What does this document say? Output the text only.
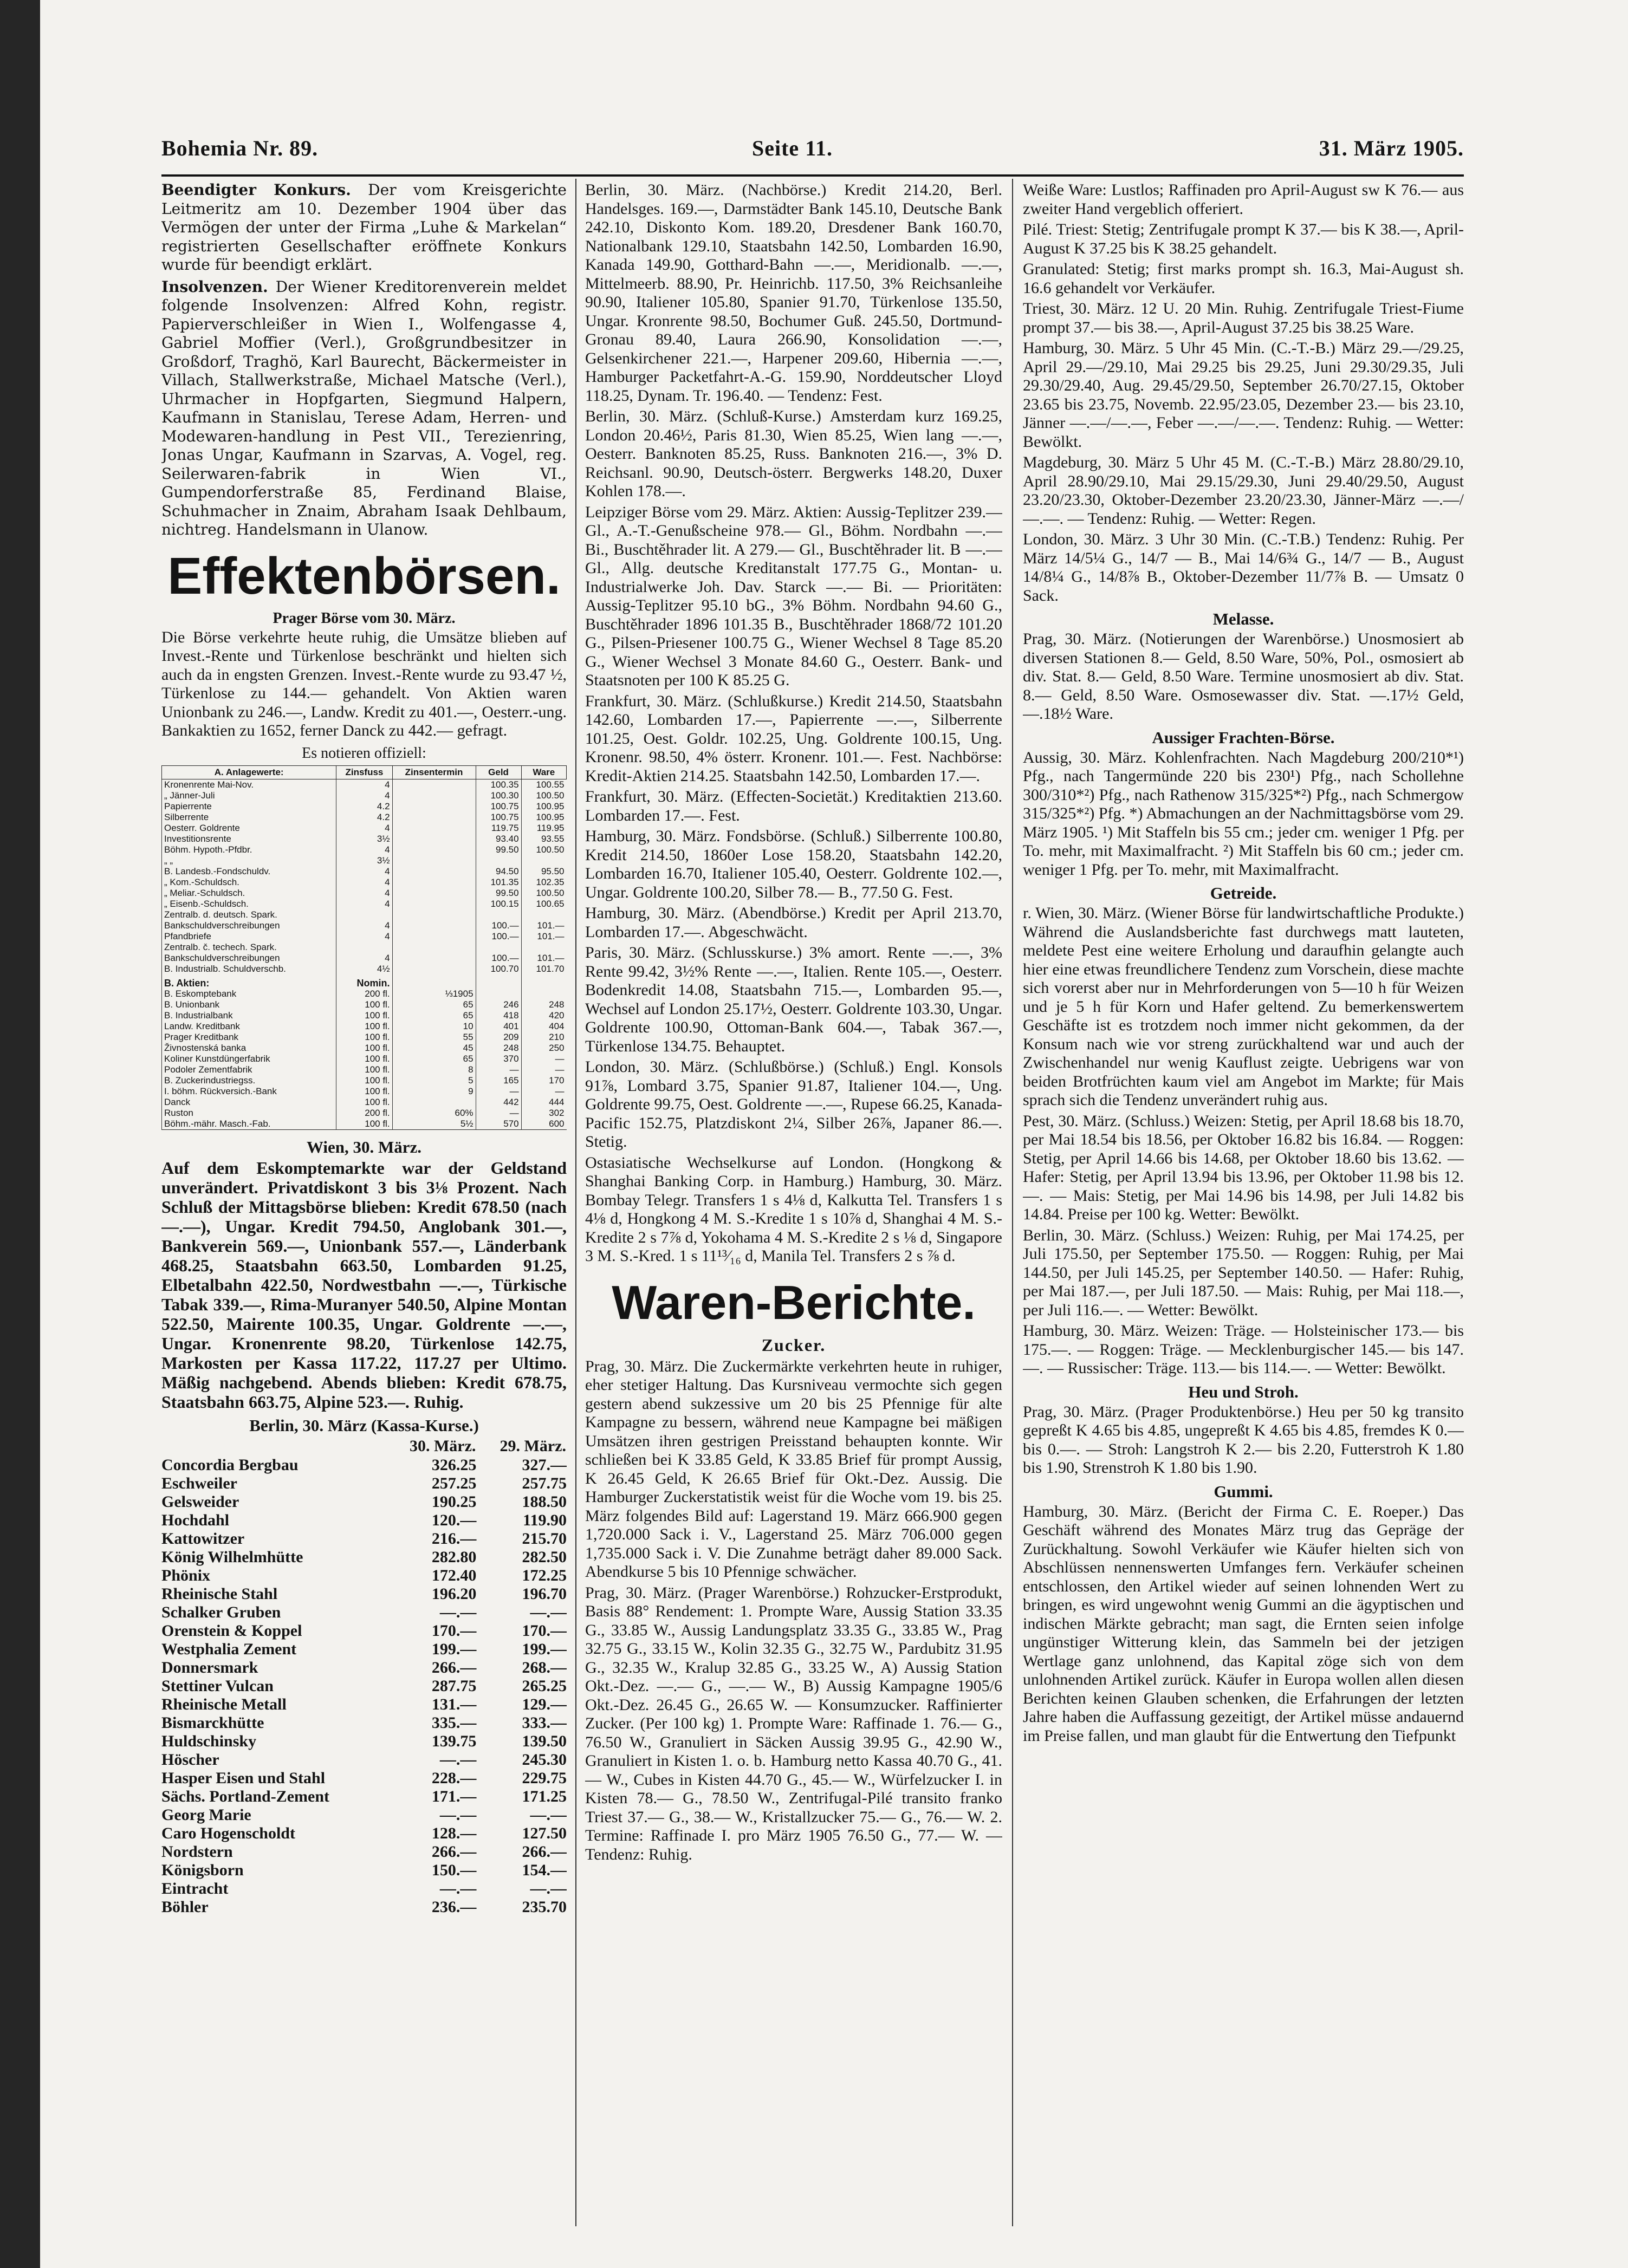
Bohemia Nr. 89.	Seite 11.	31. März 1905.

Beendigter Konkurs. Der vom Kreisgerichte Leitmeritz am 10. Dezember 1904 über das Vermögen der unter der Firma „Luhe & Markelan“ registrierten Gesellschafter eröffnete Konkurs wurde für beendigt erklärt.

Insolvenzen. Der Wiener Kreditorenverein meldet folgende Insolvenzen: Alfred Kohn, registr. Papierverschleißer in Wien I., Wolfengasse 4, Gabriel Moffier (Verl.), Großgrundbesitzer in Großdorf, Traghö, Karl Baurecht, Bäckermeister in Villach, Stallwerkstraße, Michael Matsche (Verl.), Uhrmacher in Hopfgarten, Siegmund Halpern, Kaufmann in Stanislau, Terese Adam, Herren- und Modewaren-handlung in Pest VII., Terezienring, Jonas Ungar, Kaufmann in Szarvas, A. Vogel, reg. Seilerwaren-fabrik in Wien VI., Gumpendorferstraße 85, Ferdinand Blaise, Schuhmacher in Znaim, Abraham Isaak Dehlbaum, nichtreg. Handelsmann in Ulanow.

Effektenbörsen.
Prager Börse vom 30. März.

Die Börse verkehrte heute ruhig, die Umsätze blieben auf Invest.-Rente und Türkenlose beschränkt und hielten sich auch da in engsten Grenzen. Invest.-Rente wurde zu 93.47 ½, Türkenlose zu 144.— gehandelt. Von Aktien waren Unionbank zu 246.—, Landw. Kredit zu 401.—, Oesterr.-ung. Bankaktien zu 1652, ferner Danck zu 442.— gefragt.

Es notieren offiziell:
A. Anlagewerte:	Zinsfuss	Zinsentermin	Geld	Ware
Kronenrente Mai-Nov.	4		100.35	100.55
„ Jänner-Juli	4		100.30	100.50
Papierrente	4.2		100.75	100.95
Silberrente	4.2		100.75	100.95
Oesterr. Goldrente	4		119.75	119.95
Investitionsrente	3½		93.40	93.55
Böhm. Hypoth.-Pfdbr.	4		99.50	100.50
„ „	3½			
B. Landesb.-Fondschuldv.	4		94.50	95.50
„ Kom.-Schuldsch.	4		101.35	102.35
„ Meliar.-Schuldsch.	4		99.50	100.50
„ Eisenb.-Schuldsch.	4		100.15	100.65
Zentralb. d. deutsch. Spark.				
Bankschuldverschreibungen	4		100.—	101.—
Pfandbriefe	4		100.—	101.—
Zentralb. č. techech. Spark.				
Bankschuldverschreibungen	4		100.—	101.—
B. Industrialb. Schuldverschb.	4½		100.70	101.70
B. Aktien:	Nomin.			
B. Eskomptebank	200 fl.	⅓1905		
B. Unionbank	100 fl.	65	246	248
B. Industrialbank	100 fl.	65	418	420
Landw. Kreditbank	100 fl.	10	401	404
Prager Kreditbank	100 fl.	55	209	210
Živnostenská banka	100 fl.	45	248	250
Koliner Kunstdüngerfabrik	100 fl.	65	370	—
Podoler Zementfabrik	100 fl.	8	—	—
B. Zuckerindustriegss.	100 fl.	5	165	170
I. böhm. Rückversich.-Bank	100 fl.	9	—	—
Danck	100 fl.		442	444
Ruston	200 fl.	60%	—	302
Böhm.-mähr. Masch.-Fab.	100 fl.	5½	570	600
Wien, 30. März.

Auf dem Eskomptemarkte war der Geldstand unverändert. Privatdiskont 3 bis 3⅛ Prozent. Nach Schluß der Mittagsbörse blieben: Kredit 678.50 (nach —.—), Ungar. Kredit 794.50, Anglobank 301.—, Bankverein 569.—, Unionbank 557.—, Länderbank 468.25, Staatsbahn 663.50, Lombarden 91.25, Elbetalbahn 422.50, Nordwestbahn —.—, Türkische Tabak 339.—, Rima-Muranyer 540.50, Alpine Montan 522.50, Mairente 100.35, Ungar. Goldrente —.—, Ungar. Kronenrente 98.20, Türkenlose 142.75, Markosten per Kassa 117.22, 117.27 per Ultimo. Mäßig nachgebend. Abends blieben: Kredit 678.75, Staatsbahn 663.75, Alpine 523.—. Ruhig.

Berlin, 30. März (Kassa-Kurse.)
	30. März.	29. März.
Concordia Bergbau	326.25	327.—
Eschweiler	257.25	257.75
Gelsweider	190.25	188.50
Hochdahl	120.—	119.90
Kattowitzer	216.—	215.70
König Wilhelmhütte	282.80	282.50
Phönix	172.40	172.25
Rheinische Stahl	196.20	196.70
Schalker Gruben	—.—	—.—
Orenstein & Koppel	170.—	170.—
Westphalia Zement	199.—	199.—
Donnersmark	266.—	268.—
Stettiner Vulcan	287.75	265.25
Rheinische Metall	131.—	129.—
Bismarckhütte	335.—	333.—
Huldschinsky	139.75	139.50
Höscher	—.—	245.30
Hasper Eisen und Stahl	228.—	229.75
Sächs. Portland-Zement	171.—	171.25
Georg Marie	—.—	—.—
Caro Hogenscholdt	128.—	127.50
Nordstern	266.—	266.—
Königsborn	150.—	154.—
Eintracht	—.—	—.—
Böhler	236.—	235.70

Berlin, 30. März. (Nachbörse.) Kredit 214.20, Berl. Handelsges. 169.—, Darmstädter Bank 145.10, Deutsche Bank 242.10, Diskonto Kom. 189.20, Dresdener Bank 160.70, Nationalbank 129.10, Staatsbahn 142.50, Lombarden 16.90, Kanada 149.90, Gotthard-Bahn —.—, Meridionalb. —.—, Mittelmeerb. 88.90, Pr. Heinrichb. 117.50, 3% Reichsanleihe 90.90, Italiener 105.80, Spanier 91.70, Türkenlose 135.50, Ungar. Kronrente 98.50, Bochumer Guß. 245.50, Dortmund-Gronau 89.40, Laura 266.90, Konsolidation —.—, Gelsenkirchener 221.—, Harpener 209.60, Hibernia —.—, Hamburger Packetfahrt-A.-G. 159.90, Norddeutscher Lloyd 118.25, Dynam. Tr. 196.40. — Tendenz: Fest.

Berlin, 30. März. (Schluß-Kurse.) Amsterdam kurz 169.25, London 20.46½, Paris 81.30, Wien 85.25, Wien lang —.—, Oesterr. Banknoten 85.25, Russ. Banknoten 216.—, 3% D. Reichsanl. 90.90, Deutsch-österr. Bergwerks 148.20, Duxer Kohlen 178.—.

Leipziger Börse vom 29. März. Aktien: Aussig-Teplitzer 239.— Gl., A.-T.-Genußscheine 978.— Gl., Böhm. Nordbahn —.— Bi., Buschtěhrader lit. A 279.— Gl., Buschtěhrader lit. B —.— Gl., Allg. deutsche Kreditanstalt 177.75 G., Montan- u. Industrialwerke Joh. Dav. Starck —.— Bi. — Prioritäten: Aussig-Teplitzer 95.10 bG., 3% Böhm. Nordbahn 94.60 G., Buschtěhrader 1896 101.35 B., Buschtěhrader 1868/72 101.20 G., Pilsen-Priesener 100.75 G., Wiener Wechsel 8 Tage 85.20 G., Wiener Wechsel 3 Monate 84.60 G., Oesterr. Bank- und Staatsnoten per 100 K 85.25 G.

Frankfurt, 30. März. (Schlußkurse.) Kredit 214.50, Staatsbahn 142.60, Lombarden 17.—, Papierrente —.—, Silberrente 101.25, Oest. Goldr. 102.25, Ung. Goldrente 100.15, Ung. Kronenr. 98.50, 4% österr. Kronenr. 101.—. Fest. Nachbörse: Kredit-Aktien 214.25. Staatsbahn 142.50, Lombarden 17.—.

Frankfurt, 30. März. (Effecten-Societät.) Kreditaktien 213.60. Lombarden 17.—. Fest.

Hamburg, 30. März. Fondsbörse. (Schluß.) Silberrente 100.80, Kredit 214.50, 1860er Lose 158.20, Staatsbahn 142.20, Lombarden 16.70, Italiener 105.40, Oesterr. Goldrente 102.—, Ungar. Goldrente 100.20, Silber 78.— B., 77.50 G. Fest.

Hamburg, 30. März. (Abendbörse.) Kredit per April 213.70, Lombarden 17.—. Abgeschwächt.

Paris, 30. März. (Schlusskurse.) 3% amort. Rente —.—, 3% Rente 99.42, 3½% Rente —.—, Italien. Rente 105.—, Oesterr. Bodenkredit 14.08, Staatsbahn 715.—, Lombarden 95.—, Wechsel auf London 25.17½, Oesterr. Goldrente 103.30, Ungar. Goldrente 100.90, Ottoman-Bank 604.—, Tabak 367.—, Türkenlose 134.75. Behauptet.

London, 30. März. (Schlußbörse.) (Schluß.) Engl. Konsols 91⅞, Lombard 3.75, Spanier 91.87, Italiener 104.—, Ung. Goldrente 99.75, Oest. Goldrente —.—, Rupese 66.25, Kanada-Pacific 152.75, Platzdiskont 2¼, Silber 26⅞, Japaner 86.—. Stetig.

Ostasiatische Wechselkurse auf London. (Hongkong & Shanghai Banking Corp. in Hamburg.) Hamburg, 30. März. Bombay Telegr. Transfers 1 s 4⅛ d, Kalkutta Tel. Transfers 1 s 4⅛ d, Hongkong 4 M. S.-Kredite 1 s 10⅞ d, Shanghai 4 M. S.-Kredite 2 s 7⅞ d, Yokohama 4 M. S.-Kredite 2 s ⅛ d, Singapore 3 M. S.-Kred. 1 s 11¹³⁄₁₆ d, Manila Tel. Transfers 2 s ⅞ d.

Waren-Berichte.
Zucker.

Prag, 30. März. Die Zuckermärkte verkehrten heute in ruhiger, eher stetiger Haltung. Das Kursniveau vermochte sich gegen gestern abend sukzessive um 20 bis 25 Pfennige für alte Kampagne zu bessern, während neue Kampagne bei mäßigen Umsätzen ihren gestrigen Preisstand behaupten konnte. Wir schließen bei K 33.85 Geld, K 33.85 Brief für prompt Aussig, K 26.45 Geld, K 26.65 Brief für Okt.-Dez. Aussig. Die Hamburger Zuckerstatistik weist für die Woche vom 19. bis 25. März folgendes Bild auf: Lagerstand 19. März 666.900 gegen 1,720.000 Sack i. V., Lagerstand 25. März 706.000 gegen 1,735.000 Sack i. V. Die Zunahme beträgt daher 89.000 Sack. Abendkurse 5 bis 10 Pfennige schwächer.

Prag, 30. März. (Prager Warenbörse.) Rohzucker-Erstprodukt, Basis 88° Rendement: 1. Prompte Ware, Aussig Station 33.35 G., 33.85 W., Aussig Landungsplatz 33.35 G., 33.85 W., Prag 32.75 G., 33.15 W., Kolin 32.35 G., 32.75 W., Pardubitz 31.95 G., 32.35 W., Kralup 32.85 G., 33.25 W., A) Aussig Station Okt.-Dez. —.— G., —.— W., B) Aussig Kampagne 1905/6 Okt.-Dez. 26.45 G., 26.65 W. — Konsumzucker. Raffinierter Zucker. (Per 100 kg) 1. Prompte Ware: Raffinade 1. 76.— G., 76.50 W., Granuliert in Säcken Aussig 39.95 G., 42.90 W., Granuliert in Kisten 1. o. b. Hamburg netto Kassa 40.70 G., 41.— W., Cubes in Kisten 44.70 G., 45.— W., Würfelzucker I. in Kisten 78.— G., 78.50 W., Zentrifugal-Pilé transito franko Triest 37.— G., 38.— W., Kristallzucker 75.— G., 76.— W. 2. Termine: Raffinade I. pro März 1905 76.50 G., 77.— W. — Tendenz: Ruhig.

Weiße Ware: Lustlos; Raffinaden pro April-August sw K 76.— aus zweiter Hand vergeblich offeriert.

Pilé. Triest: Stetig; Zentrifugale prompt K 37.— bis K 38.—, April-August K 37.25 bis K 38.25 gehandelt.

Granulated: Stetig; first marks prompt sh. 16.3, Mai-August sh. 16.6 gehandelt vor Verkäufer.

Triest, 30. März. 12 U. 20 Min. Ruhig. Zentrifugale Triest-Fiume prompt 37.— bis 38.—, April-August 37.25 bis 38.25 Ware.

Hamburg, 30. März. 5 Uhr 45 Min. (C.-T.-B.) März 29.—/29.25, April 29.—/29.10, Mai 29.25 bis 29.25, Juni 29.30/29.35, Juli 29.30/29.40, Aug. 29.45/29.50, September 26.70/27.15, Oktober 23.65 bis 23.75, Novemb. 22.95/23.05, Dezember 23.— bis 23.10, Jänner —.—/—.—, Feber —.—/—.—. Tendenz: Ruhig. — Wetter: Bewölkt.

Magdeburg, 30. März 5 Uhr 45 M. (C.-T.-B.) März 28.80/29.10, April 28.90/29.10, Mai 29.15/29.30, Juni 29.40/29.50, August 23.20/23.30, Oktober-Dezember 23.20/23.30, Jänner-März —.—/—.—. — Tendenz: Ruhig. — Wetter: Regen.

London, 30. März. 3 Uhr 30 Min. (C.-T.B.) Tendenz: Ruhig. Per März 14/5¼ G., 14/7 — B., Mai 14/6¾ G., 14/7 — B., August 14/8¼ G., 14/8⅞ B., Oktober-Dezember 11/7⅞ B. — Umsatz 0 Sack.

Melasse.

Prag, 30. März. (Notierungen der Warenbörse.) Unosmosiert ab diversen Stationen 8.— Geld, 8.50 Ware, 50%, Pol., osmosiert ab div. Stat. 8.— Geld, 8.50 Ware. Termine unosmosiert ab div. Stat. 8.— Geld, 8.50 Ware. Osmosewasser div. Stat. —.17½ Geld, —.18½ Ware.

Aussiger Frachten-Börse.

Aussig, 30. März. Kohlenfrachten. Nach Magdeburg 200/210*¹) Pfg., nach Tangermünde 220 bis 230¹) Pfg., nach Schollehne 300/310*²) Pfg., nach Rathenow 315/325*²) Pfg., nach Schmergow 315/325*²) Pfg. *) Abmachungen an der Nachmittagsbörse vom 29. März 1905. ¹) Mit Staffeln bis 55 cm.; jeder cm. weniger 1 Pfg. per To. mehr, mit Maximalfracht. ²) Mit Staffeln bis 60 cm.; jeder cm. weniger 1 Pfg. per To. mehr, mit Maximalfracht.

Getreide.

r. Wien, 30. März. (Wiener Börse für landwirtschaftliche Produkte.) Während die Auslandsberichte fast durchwegs matt lauteten, meldete Pest eine weitere Erholung und daraufhin gelangte auch hier eine etwas freundlichere Tendenz zum Vorschein, diese machte sich vorerst aber nur in Mehrforderungen von 5—10 h für Weizen und je 5 h für Korn und Hafer geltend. Zu bemerkenswertem Geschäfte ist es trotzdem noch immer nicht gekommen, da der Konsum nach wie vor streng zurückhaltend war und auch der Zwischenhandel nur wenig Kauflust zeigte. Uebrigens war von beiden Brotfrüchten kaum viel am Angebot im Markte; für Mais sprach sich die Tendenz unverändert ruhig aus.

Pest, 30. März. (Schluss.) Weizen: Stetig, per April 18.68 bis 18.70, per Mai 18.54 bis 18.56, per Oktober 16.82 bis 16.84. — Roggen: Stetig, per April 14.66 bis 14.68, per Oktober 18.60 bis 13.62. — Hafer: Stetig, per April 13.94 bis 13.96, per Oktober 11.98 bis 12.—. — Mais: Stetig, per Mai 14.96 bis 14.98, per Juli 14.82 bis 14.84. Preise per 100 kg. Wetter: Bewölkt.

Berlin, 30. März. (Schluss.) Weizen: Ruhig, per Mai 174.25, per Juli 175.50, per September 175.50. — Roggen: Ruhig, per Mai 144.50, per Juli 145.25, per September 140.50. — Hafer: Ruhig, per Mai 187.—, per Juli 187.50. — Mais: Ruhig, per Mai 118.—, per Juli 116.—. — Wetter: Bewölkt.

Hamburg, 30. März. Weizen: Träge. — Holsteinischer 173.— bis 175.—. — Roggen: Träge. — Mecklenburgischer 145.— bis 147.—. — Russischer: Träge. 113.— bis 114.—. — Wetter: Bewölkt.

Heu und Stroh.

Prag, 30. März. (Prager Produktenbörse.) Heu per 50 kg transito gepreßt K 4.65 bis 4.85, ungepreßt K 4.65 bis 4.85, fremdes K 0.— bis 0.—. — Stroh: Langstroh K 2.— bis 2.20, Futterstroh K 1.80 bis 1.90, Strenstroh K 1.80 bis 1.90.

Gummi.

Hamburg, 30. März. (Bericht der Firma C. E. Roeper.) Das Geschäft während des Monates März trug das Gepräge der Zurückhaltung. Sowohl Verkäufer wie Käufer hielten sich von Abschlüssen nennenswerten Umfanges fern. Verkäufer scheinen entschlossen, den Artikel wieder auf seinen lohnenden Wert zu bringen, es wird ungewohnt wenig Gummi an die ägyptischen und indischen Märkte gebracht; man sagt, die Ernten seien infolge ungünstiger Witterung klein, das Sammeln bei der jetzigen Wertlage ganz unlohnend, das Kapital zöge sich von dem unlohnenden Artikel zurück. Käufer in Europa wollen allen diesen Berichten keinen Glauben schenken, die Erfahrungen der letzten Jahre haben die Auffassung gezeitigt, der Artikel müsse andauernd im Preise fallen, und man glaubt für die Entwertung den Tiefpunkt
